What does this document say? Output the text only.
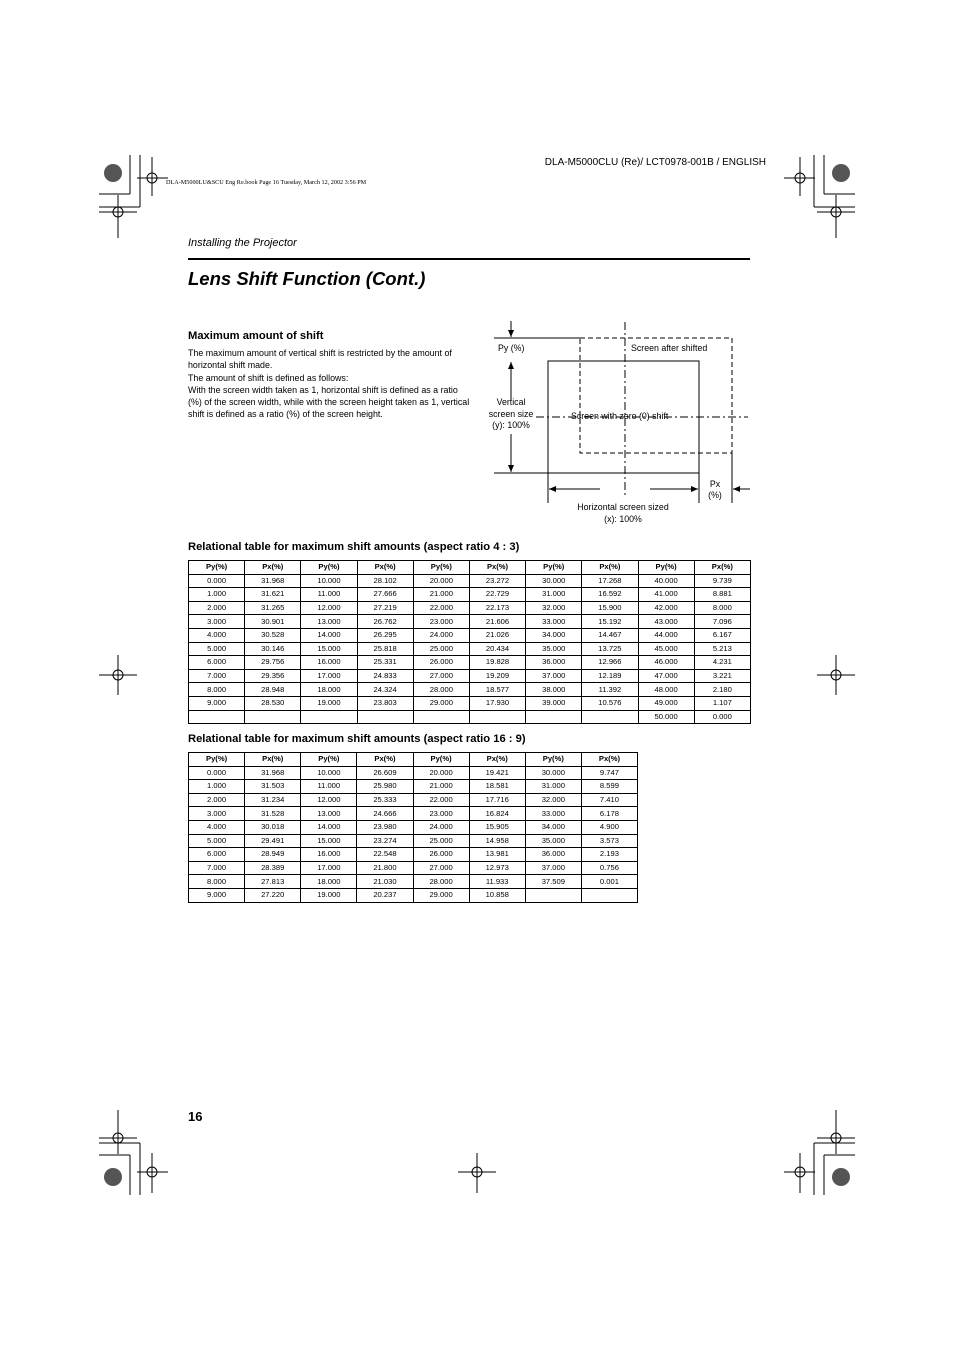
DLA-M5000CLU (Re)/ LCT0978-001B / ENGLISH
DLA-M5000LU&SCU Eng Re.book Page 16 Tuesday, March 12, 2002 3:56 PM
Installing the Projector
Lens Shift Function (Cont.)
Maximum amount of shift

The maximum amount of vertical shift is restricted by the amount of horizontal shift made.

The amount of shift is defined as follows:

With the screen width taken as 1, horizontal shift is defined as a ratio (%) of the screen width, while with the screen height taken as 1, vertical shift is defined as a ratio (%) of the screen height.

Py (%)	Screen after shifted
Vertical
screen size
(y): 100%
Screen with zero (0) shift
Px
(%)
Horizontal screen sized
(x): 100%
Relational table for maximum shift amounts (aspect ratio 4 : 3)
Py(%)	Px(%)	Py(%)	Px(%)	Py(%)	Px(%)	Py(%)	Px(%)	Py(%)	Px(%)
0.000	31.968	10.000	28.102	20.000	23.272	30.000	17.268	40.000	9.739
1.000	31.621	11.000	27.666	21.000	22.729	31.000	16.592	41.000	8.881
2.000	31.265	12.000	27.219	22.000	22.173	32.000	15.900	42.000	8.000
3.000	30.901	13.000	26.762	23.000	21.606	33.000	15.192	43.000	7.096
4.000	30.528	14.000	26.295	24.000	21.026	34.000	14.467	44.000	6.167
5.000	30.146	15.000	25.818	25.000	20.434	35.000	13.725	45.000	5.213
6.000	29.756	16.000	25.331	26.000	19.828	36.000	12.966	46.000	4.231
7.000	29.356	17.000	24.833	27.000	19.209	37.000	12.189	47.000	3.221
8.000	28.948	18.000	24.324	28.000	18.577	38.000	11.392	48.000	2.180
9.000	28.530	19.000	23.803	29.000	17.930	39.000	10.576	49.000	1.107
								50.000	0.000
Relational table for maximum shift amounts (aspect ratio 16 : 9)
Py(%)	Px(%)	Py(%)	Px(%)	Py(%)	Px(%)	Py(%)	Px(%)
0.000	31.968	10.000	26.609	20.000	19.421	30.000	9.747
1.000	31.503	11.000	25.980	21.000	18.581	31.000	8.599
2.000	31.234	12.000	25.333	22.000	17.716	32.000	7.410
3.000	31.528	13.000	24.666	23.000	16.824	33.000	6.178
4.000	30.018	14.000	23.980	24.000	15.905	34.000	4.900
5.000	29.491	15.000	23.274	25.000	14.958	35.000	3.573
6.000	28.949	16.000	22.548	26.000	13.981	36.000	2.193
7.000	28.389	17.000	21.800	27.000	12.973	37.000	0.756
8.000	27.813	18.000	21.030	28.000	11.933	37.509	0.001
9.000	27.220	19.000	20.237	29.000	10.858		
16
